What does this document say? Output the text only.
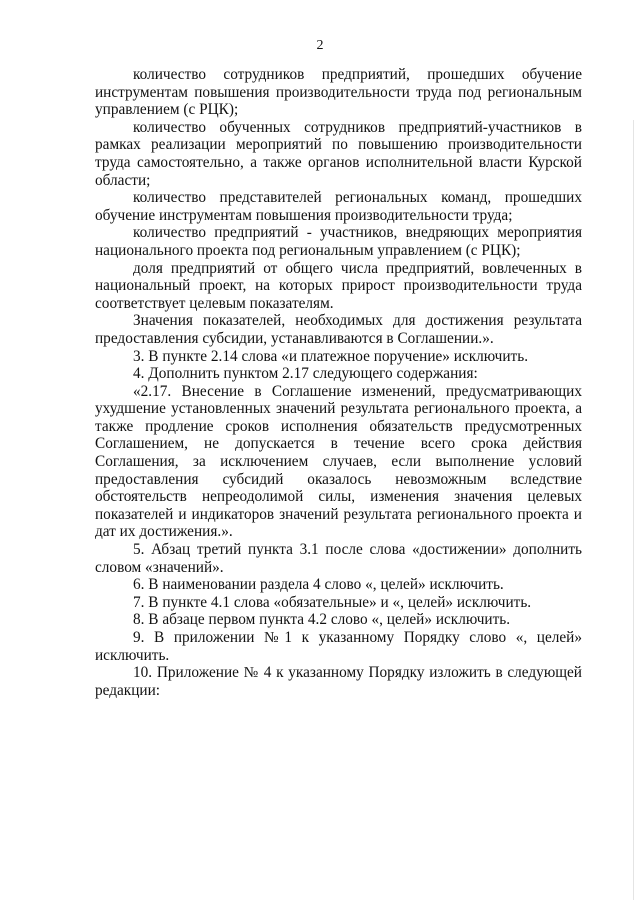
2

количество сотрудников предприятий, прошедших обучение инструментам повышения производительности труда под региональным управлением (с РЦК);

количество обученных сотрудников предприятий-участников в рамках реализации мероприятий по повышению производительности труда самостоятельно, а также органов исполнительной власти Курской области;

количество представителей региональных команд, прошедших обучение инструментам повышения производительности труда;

количество предприятий - участников, внедряющих мероприятия национального проекта под региональным управлением (с РЦК);

доля предприятий от общего числа предприятий, вовлеченных в национальный проект, на которых прирост производительности труда соответствует целевым показателям.

Значения показателей, необходимых для достижения результата предоставления субсидии, устанавливаются в Соглашении.».

3. В пункте 2.14 слова «и платежное поручение» исключить.

4. Дополнить пунктом 2.17 следующего содержания:

«2.17. Внесение в Соглашение изменений, предусматривающих ухудшение установленных значений результата регионального проекта, а также продление сроков исполнения обязательств предусмотренных Соглашением, не допускается в течение всего срока действия Соглашения, за исключением случаев, если выполнение условий предоставления субсидий оказалось невозможным вследствие обстоятельств непреодолимой силы, изменения значения целевых показателей и индикаторов значений результата регионального проекта и дат их достижения.».

5. Абзац третий пункта 3.1 после слова «достижении» дополнить словом «значений».

6. В наименовании раздела 4 слово «, целей» исключить.

7. В пункте 4.1 слова «обязательные» и «, целей» исключить.

8. В абзаце первом пункта 4.2 слово «, целей» исключить.

9. В приложении №1 к указанному Порядку слово «, целей» исключить.

10. Приложение № 4 к указанному Порядку изложить в следующей редакции:
